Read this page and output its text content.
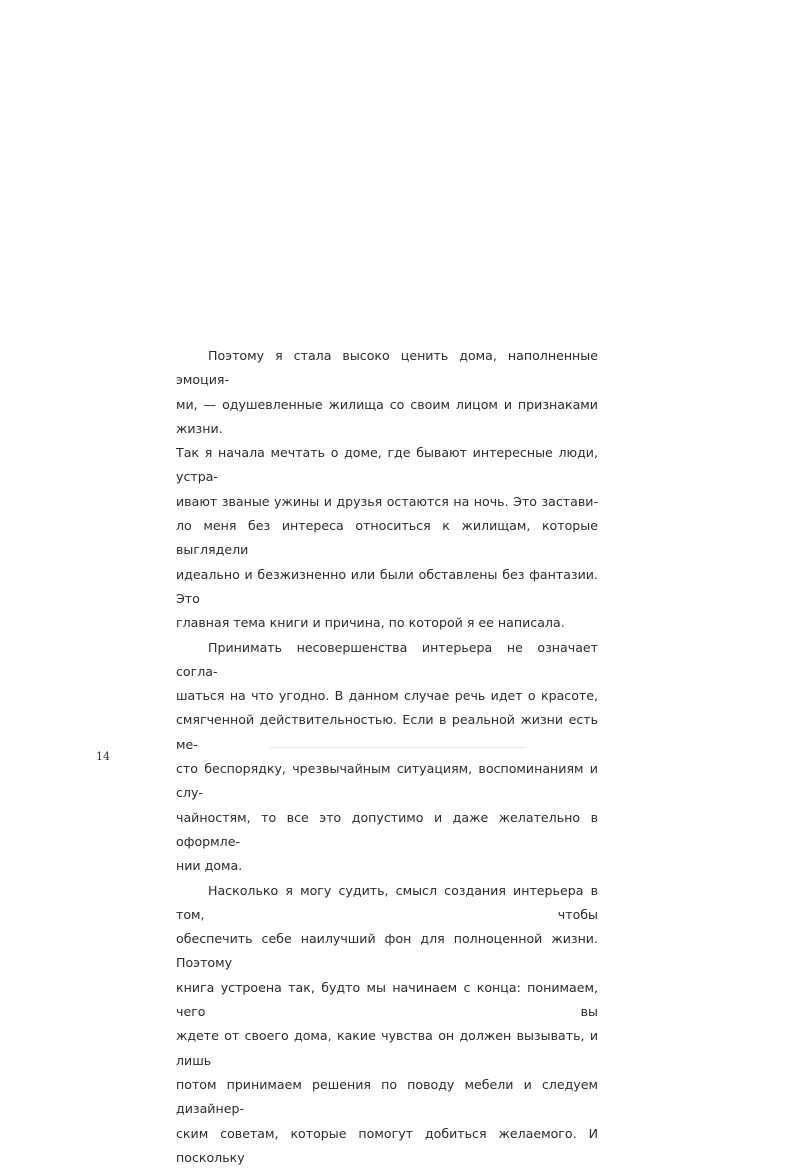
Поэтому я стала высоко ценить дома, наполненные эмоция-
ми, — одушевленные жилища со своим лицом и признаками жизни.
Так я начала мечтать о доме, где бывают интересные люди, устра-
ивают званые ужины и друзья остаются на ночь. Это застави-
ло меня без интереса относиться к жилищам, которые выглядели
идеально и безжизненно или были обставлены без фантазии. Это
главная тема книги и причина, по которой я ее написала.
Принимать несовершенства интерьера не означает согла-
шаться на что угодно. В данном случае речь идет о красоте,
смягченной действительностью. Если в реальной жизни есть ме-
сто беспорядку, чрезвычайным ситуациям, воспоминаниям и слу-
чайностям, то все это допустимо и даже желательно в оформле-
нии дома.
Насколько я могу судить, смысл создания интерьера в том, чтобы
обеспечить себе наилучший фон для полноценной жизни. Поэтому
книга устроена так, будто мы начинаем с конца: понимаем, чего вы
ждете от своего дома, какие чувства он должен вызывать, и лишь
потом принимаем решения по поводу мебели и следуем дизайнер-
ским советам, которые помогут добиться желаемого. И поскольку
14
